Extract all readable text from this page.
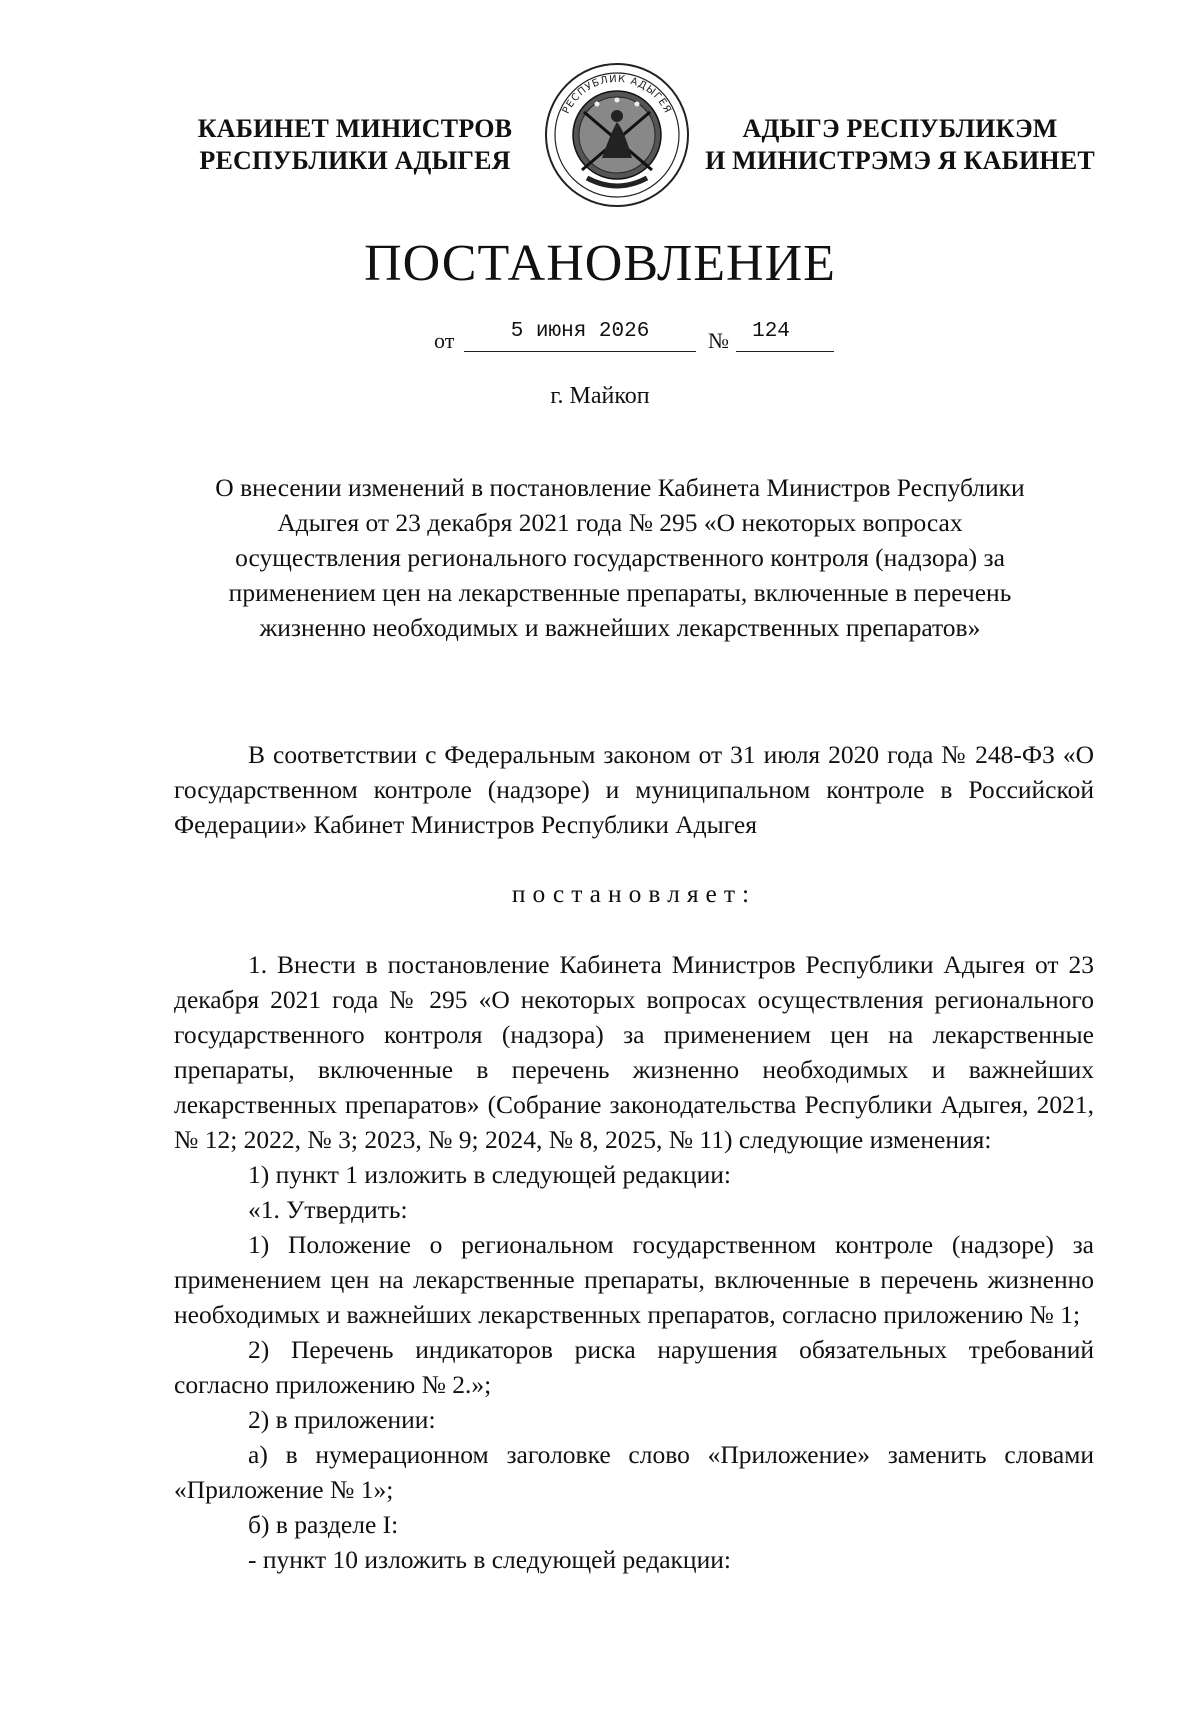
КАБИНЕТ МИНИСТРОВ
РЕСПУБЛИКИ АДЫГЕЯ
РЕСПУБЛИК АДЫГЕЯ
АДЫГЭ РЕСПУБЛИКЭМ
И МИНИСТРЭМЭ Я КАБИНЕТ
ПОСТАНОВЛЕНИЕ
от	5 июня 2026	№	124
г. Майкоп
О внесении изменений в постановление Кабинета Министров Республики Адыгея от 23 декабря 2021 года № 295 «О некоторых вопросах осуществления регионального государственного контроля (надзора) за применением цен на лекарственные препараты, включенные в перечень жизненно необходимых и важнейших лекарственных препаратов»

В соответствии с Федеральным законом от 31 июля 2020 года № 248-ФЗ «О государственном контроле (надзоре) и муниципальном контроле в Российской Федерации» Кабинет Министров Республики Адыгея

постановляет:

1. Внести в постановление Кабинета Министров Республики Адыгея от 23 декабря 2021 года № 295 «О некоторых вопросах осуществления регионального государственного контроля (надзора) за применением цен на лекарственные препараты, включенные в перечень жизненно необходимых и важнейших лекарственных препаратов» (Собрание законодательства Республики Адыгея, 2021, № 12; 2022, № 3; 2023, № 9; 2024, № 8, 2025, № 11) следующие изменения:

1) пункт 1 изложить в следующей редакции:

«1. Утвердить:

1) Положение о региональном государственном контроле (надзоре) за применением цен на лекарственные препараты, включенные в перечень жизненно необходимых и важнейших лекарственных препаратов, согласно приложению № 1;

2) Перечень индикаторов риска нарушения обязательных требований согласно приложению № 2.»;

2) в приложении:

а) в нумерационном заголовке слово «Приложение» заменить словами «Приложение № 1»;

б) в разделе I:

- пункт 10 изложить в следующей редакции:
